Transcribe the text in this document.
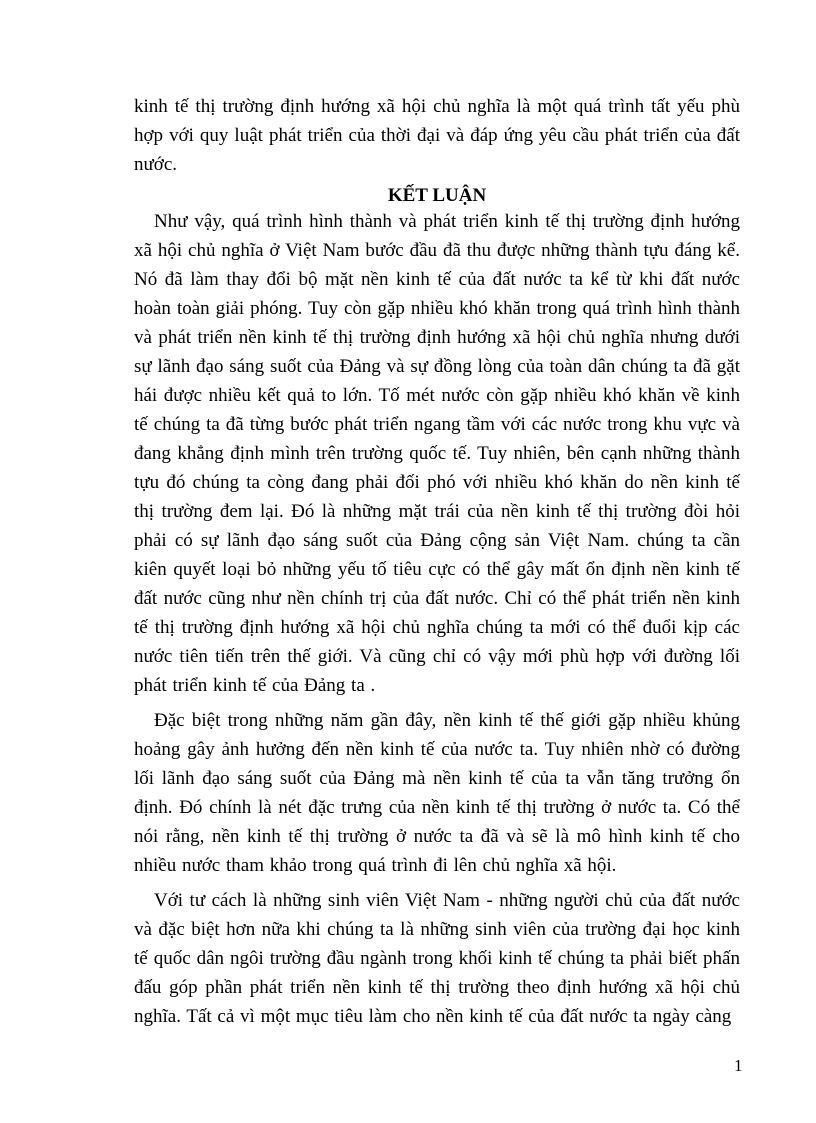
kinh tế thị trường định hướng xã hội chủ nghĩa là một quá trình tất yếu phù hợp với quy luật phát triển của thời đại và đáp ứng yêu cầu phát triển của đất nước.

KẾT LUẬN

Như vậy, quá trình hình thành và phát triển kinh tế thị trường định hướng xã hội chủ nghĩa ở Việt Nam bước đầu đã thu được những thành tựu đáng kể. Nó đã làm thay đổi bộ mặt nền kinh tế của đất nước ta kể từ khi đất nước hoàn toàn giải phóng. Tuy còn gặp nhiều khó khăn trong quá trình hình thành và phát triển nền kinh tế thị trường định hướng xã hội chủ nghĩa nhưng dưới sự lãnh đạo sáng suốt của Đảng và sự đồng lòng của toàn dân chúng ta đã gặt hái được nhiều kết quả to lớn. Tố mét nước còn gặp nhiều khó khăn về kinh tế chúng ta đã từng bước phát triển ngang tầm với các nước trong khu vực và đang khẳng định mình trên trường quốc tế. Tuy nhiên, bên cạnh những thành tựu đó chúng ta còng đang phải đối phó với nhiều khó khăn do nền kinh tế thị trường đem lại. Đó là những mặt trái của nền kinh tế thị trường đòi hỏi phải có sự lãnh đạo sáng suốt của Đảng cộng sản Việt Nam. chúng ta cần kiên quyết loại bỏ những yếu tố tiêu cực có thể gây mất ổn định nền kinh tế đất nước cũng như nền chính trị của đất nước. Chỉ có thể phát triển nền kinh tế thị trường định hướng xã hội chủ nghĩa chúng ta mới có thể đuổi kịp các nước tiên tiến trên thế giới. Và cũng chỉ có vậy mới phù hợp với đường lối phát triển kinh tế của Đảng ta .

Đặc biệt trong những năm gần đây, nền kinh tế thế giới gặp nhiều khủng hoảng gây ảnh hưởng đến nền kinh tế của nước ta. Tuy nhiên nhờ có đường lối lãnh đạo sáng suốt của Đảng mà nền kinh tế của ta vẫn tăng trưởng ổn định. Đó chính là nét đặc trưng của nền kinh tế thị trường ở nước ta. Có thể nói rằng, nền kinh tế thị trường ở nước ta đã và sẽ là mô hình kinh tế cho nhiều nước tham khảo trong quá trình đi lên chủ nghĩa xã hội.

Với tư cách là những sinh viên Việt Nam - những người chủ của đất nước và đặc biệt hơn nữa khi chúng ta là những sinh viên của trường đại học kinh tế quốc dân ngôi trường đầu ngành trong khối kinh tế chúng ta phải biết phấn đấu góp phần phát triển nền kinh tế thị trường theo định hướng xã hội chủ nghĩa. Tất cả vì một mục tiêu làm cho nền kinh tế của đất nước ta ngày càng

1
